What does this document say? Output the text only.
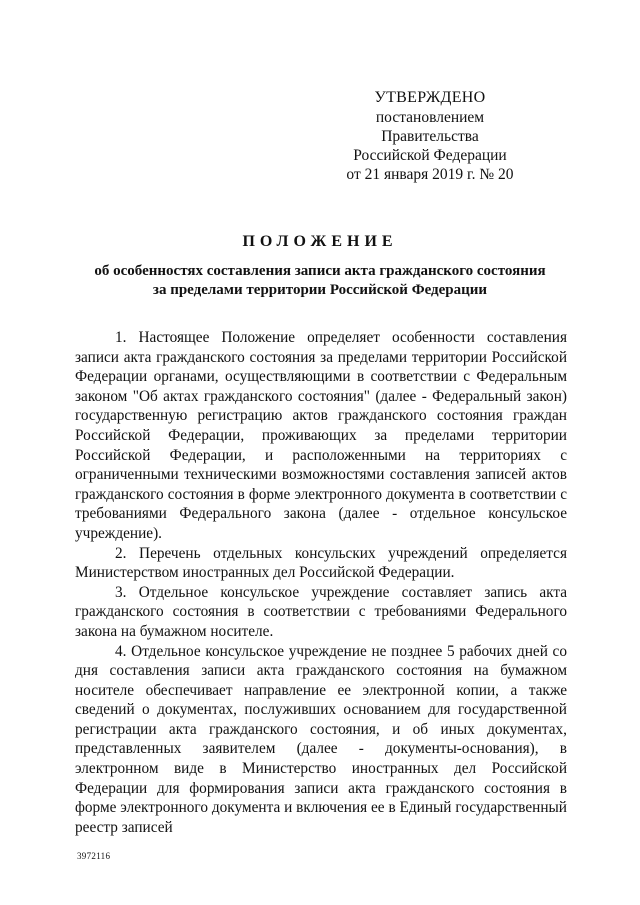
УТВЕРЖДЕНО
постановлением Правительства
Российской Федерации
от 21 января 2019 г. № 20
ПОЛОЖЕНИЕ
об особенностях составления записи акта гражданского состояния
за пределами территории Российской Федерации

1. Настоящее Положение определяет особенности составления записи акта гражданского состояния за пределами территории Российской Федерации органами, осуществляющими в соответствии с Федеральным законом "Об актах гражданского состояния" (далее - Федеральный закон) государственную регистрацию актов гражданского состояния граждан Российской Федерации, проживающих за пределами территории Российской Федерации, и расположенными на территориях с ограниченными техническими возможностями составления записей актов гражданского состояния в форме электронного документа в соответствии с требованиями Федерального закона (далее - отдельное консульское учреждение).

2. Перечень отдельных консульских учреждений определяется Министерством иностранных дел Российской Федерации.

3. Отдельное консульское учреждение составляет запись акта гражданского состояния в соответствии с требованиями Федерального закона на бумажном носителе.

4. Отдельное консульское учреждение не позднее 5 рабочих дней со дня составления записи акта гражданского состояния на бумажном носителе обеспечивает направление ее электронной копии, а также сведений о документах, послуживших основанием для государственной регистрации акта гражданского состояния, и об иных документах, представленных заявителем (далее - документы-основания), в электронном виде в Министерство иностранных дел Российской Федерации для формирования записи акта гражданского состояния в форме электронного документа и включения ее в Единый государственный реестр записей

3972116
